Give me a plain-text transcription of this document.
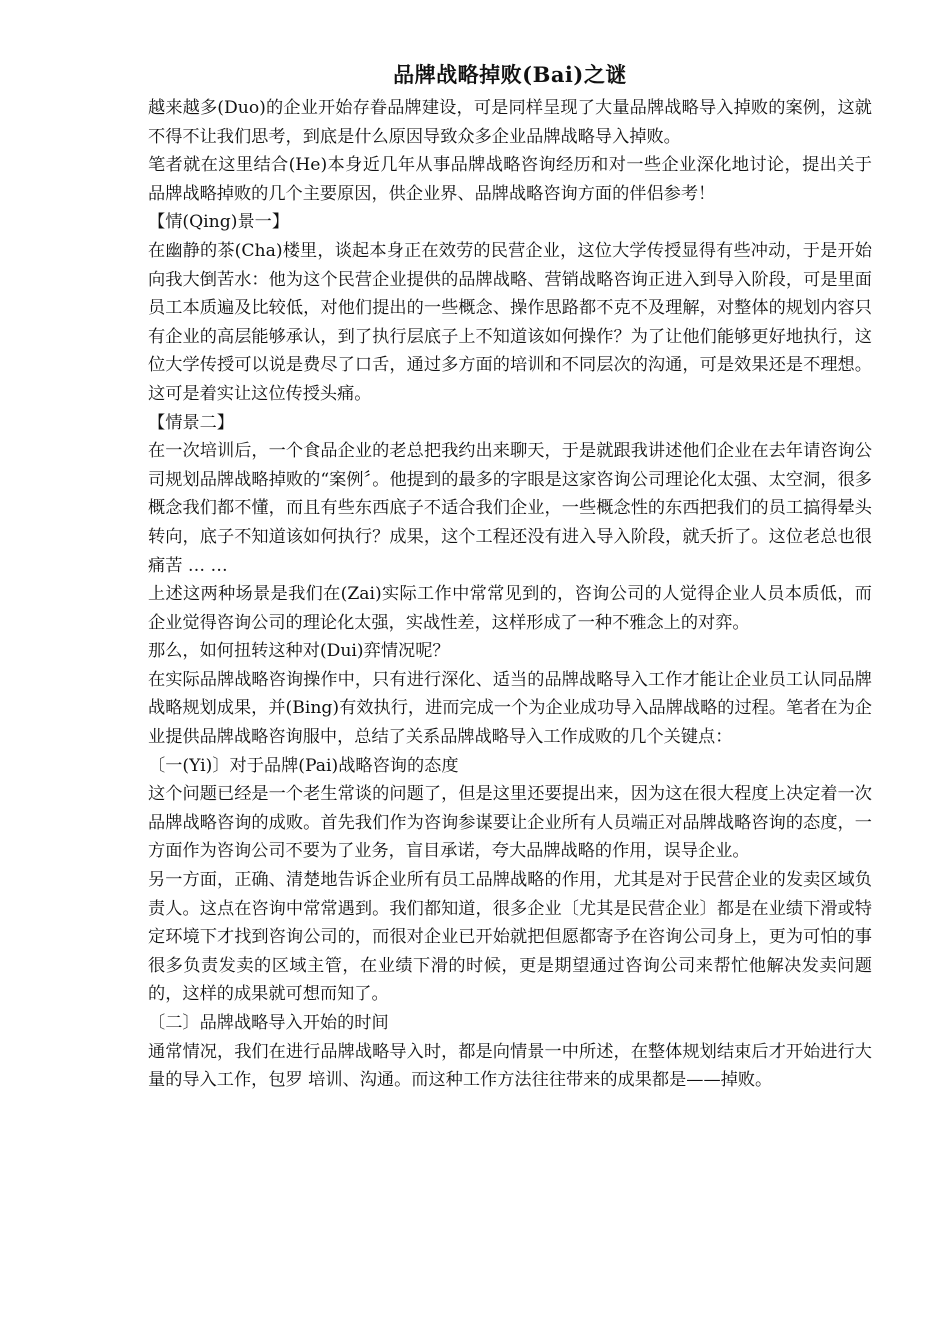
品牌战略掉败(Bai)之谜

越来越多(Duo)的企业开始存眷品牌建设，可是同样呈现了大量品牌战略导入掉败的案例，这就不得不让我们思考，到底是什么原因导致众多企业品牌战略导入掉败。

笔者就在这里结合(He)本身近几年从事品牌战略咨询经历和对一些企业深化地讨论，提出关于品牌战略掉败的几个主要原因，供企业界、品牌战略咨询方面的伴侣参考！

【情(Qing)景一】

在幽静的茶(Cha)楼里，谈起本身正在效劳的民营企业，这位大学传授显得有些冲动，于是开始向我大倒苦水：他为这个民营企业提供的品牌战略、营销战略咨询正进入到导入阶段，可是里面员工本质遍及比较低，对他们提出的一些概念、操作思路都不克不及理解，对整体的规划内容只有企业的高层能够承认，到了执行层底子上不知道该如何操作？为了让他们能够更好地执行，这位大学传授可以说是费尽了口舌，通过多方面的培训和不同层次的沟通，可是效果还是不理想。这可是着实让这位传授头痛。

【情景二】

在一次培训后，一个食品企业的老总把我约出来聊天，于是就跟我讲述他们企业在去年请咨询公司规划品牌战略掉败的“案例〞。他提到的最多的字眼是这家咨询公司理论化太强、太空洞，很多概念我们都不懂，而且有些东西底子不适合我们企业，一些概念性的东西把我们的员工搞得晕头转向，底子不知道该如何执行？成果，这个工程还没有进入导入阶段，就夭折了。这位老总也很痛苦 … …

上述这两种场景是我们在(Zai)实际工作中常常见到的，咨询公司的人觉得企业人员本质低，而企业觉得咨询公司的理论化太强，实战性差，这样形成了一种不雅念上的对弈。

那么，如何扭转这种对(Dui)弈情况呢？

在实际品牌战略咨询操作中，只有进行深化、适当的品牌战略导入工作才能让企业员工认同品牌战略规划成果，并(Bing)有效执行，进而完成一个为企业成功导入品牌战略的过程。笔者在为企业提供品牌战略咨询服中，总结了关系品牌战略导入工作成败的几个关键点：

〔一(Yi)〕对于品牌(Pai)战略咨询的态度

这个问题已经是一个老生常谈的问题了，但是这里还要提出来，因为这在很大程度上决定着一次品牌战略咨询的成败。首先我们作为咨询参谋要让企业所有人员端正对品牌战略咨询的态度，一方面作为咨询公司不要为了业务，盲目承诺，夸大品牌战略的作用，误导企业。

另一方面，正确、清楚地告诉企业所有员工品牌战略的作用，尤其是对于民营企业的发卖区域负责人。这点在咨询中常常遇到。我们都知道，很多企业〔尤其是民营企业〕都是在业绩下滑或特定环境下才找到咨询公司的，而很对企业已开始就把但愿都寄予在咨询公司身上，更为可怕的事很多负责发卖的区域主管，在业绩下滑的时候，更是期望通过咨询公司来帮忙他解决发卖问题的，这样的成果就可想而知了。

〔二〕品牌战略导入开始的时间

通常情况，我们在进行品牌战略导入时，都是向情景一中所述，在整体规划结束后才开始进行大量的导入工作，包罗 培训、沟通。而这种工作方法往往带来的成果都是——掉败。
